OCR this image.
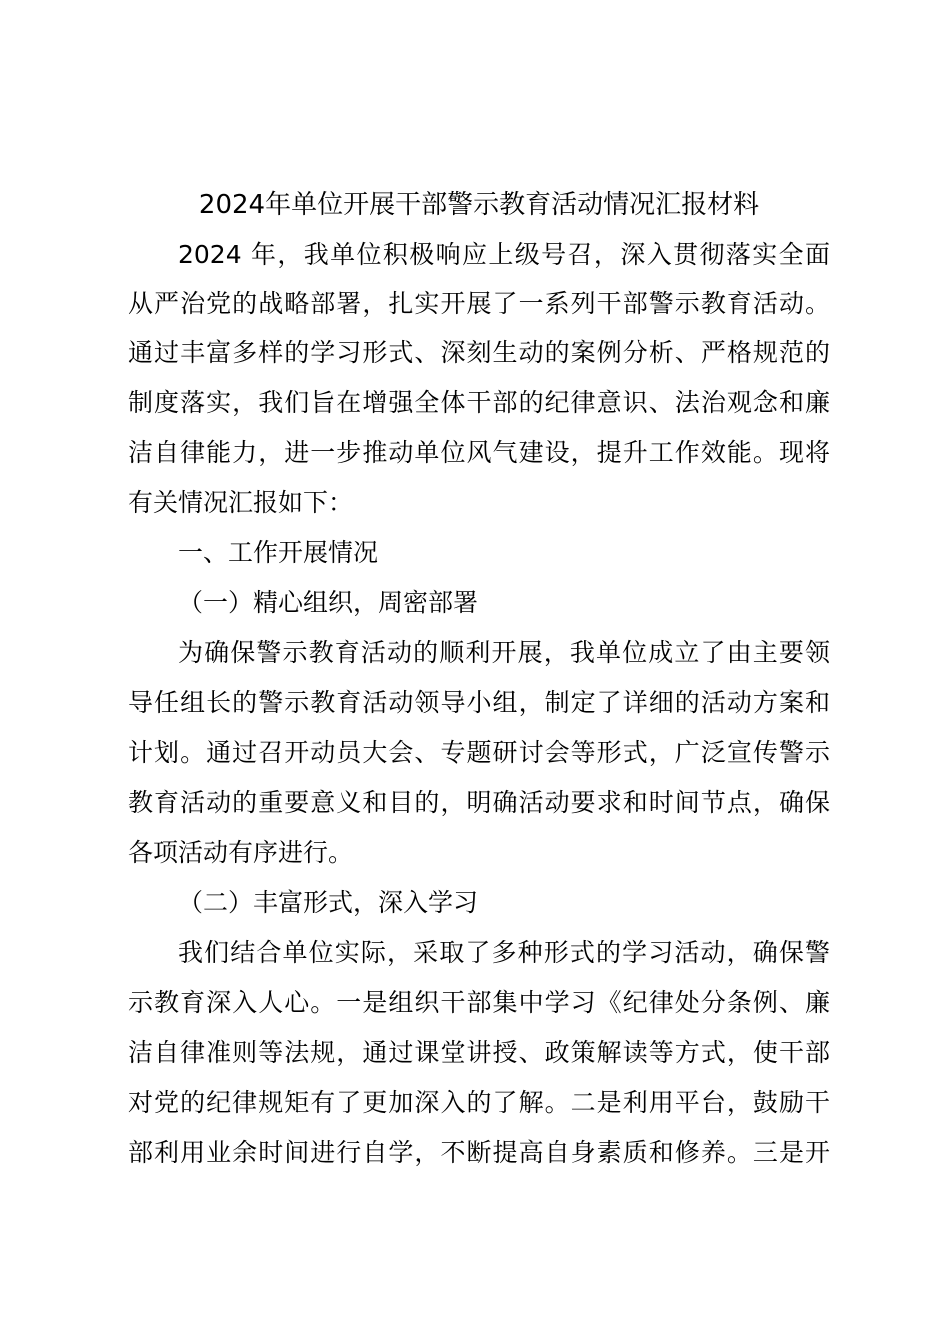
2024年单位开展干部警示教育活动情况汇报材料
2024 年，我单位积极响应上级号召，深入贯彻落实全面
从严治党的战略部署，扎实开展了一系列干部警示教育活动。
通过丰富多样的学习形式、深刻生动的案例分析、严格规范的
制度落实，我们旨在增强全体干部的纪律意识、法治观念和廉
洁自律能力，进一步推动单位风气建设，提升工作效能。现将
有关情况汇报如下：
一、工作开展情况
（一）精心组织，周密部署
为确保警示教育活动的顺利开展，我单位成立了由主要领
导任组长的警示教育活动领导小组，制定了详细的活动方案和
计划。通过召开动员大会、专题研讨会等形式，广泛宣传警示
教育活动的重要意义和目的，明确活动要求和时间节点，确保
各项活动有序进行。
（二）丰富形式，深入学习
我们结合单位实际，采取了多种形式的学习活动，确保警
示教育深入人心。一是组织干部集中学习《纪律处分条例、廉
洁自律准则等法规，通过课堂讲授、政策解读等方式，使干部
对党的纪律规矩有了更加深入的了解。二是利用平台，鼓励干
部利用业余时间进行自学，不断提高自身素质和修养。三是开
